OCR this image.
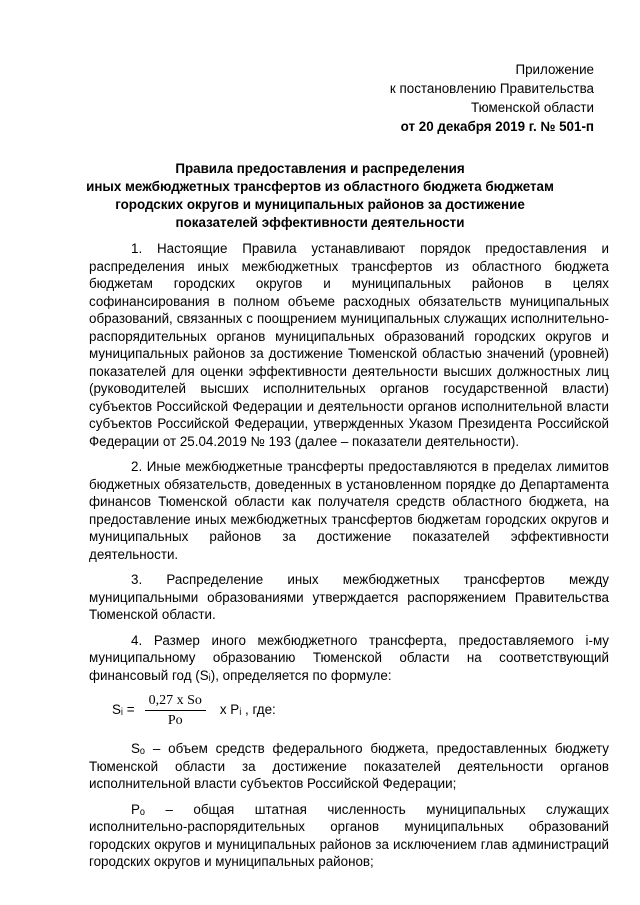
Приложение
к постановлению Правительства
Тюменской области
от 20 декабря 2019 г. № 501-п
Правила предоставления и распределения
иных межбюджетных трансфертов из областного бюджета бюджетам
городских округов и муниципальных районов за достижение
показателей эффективности деятельности

1. Настоящие Правила устанавливают порядок предоставления и распределения иных межбюджетных трансфертов из областного бюджета бюджетам городских округов и муниципальных районов в целях софинансирования в полном объеме расходных обязательств муниципальных образований, связанных с поощрением муниципальных служащих исполнительно-распорядительных органов муниципальных образований городских округов и муниципальных районов за достижение Тюменской областью значений (уровней) показателей для оценки эффективности деятельности высших должностных лиц (руководителей высших исполнительных органов государственной власти) субъектов Российской Федерации и деятельности органов исполнительной власти субъектов Российской Федерации, утвержденных Указом Президента Российской Федерации от 25.04.2019 № 193 (далее – показатели деятельности).

2. Иные межбюджетные трансферты предоставляются в пределах лимитов бюджетных обязательств, доведенных в установленном порядке до Департамента финансов Тюменской области как получателя средств областного бюджета, на предоставление иных межбюджетных трансфертов бюджетам городских округов и муниципальных районов за достижение показателей эффективности деятельности.

3. Распределение иных межбюджетных трансфертов между муниципальными образованиями утверждается распоряжением Правительства Тюменской области.

4. Размер иного межбюджетного трансферта, предоставляемого i-му муниципальному образованию Тюменской области на соответствующий финансовый год (Sᵢ), определяется по формуле:

Sᵢ = $\frac{\text{0,27 x So}}{Po}$ x Pᵢ , где:

Sₒ – объем средств федерального бюджета, предоставленных бюджету Тюменской области за достижение показателей деятельности органов исполнительной власти субъектов Российской Федерации;

Pₒ – общая штатная численность муниципальных служащих исполнительно-распорядительных органов муниципальных образований городских округов и муниципальных районов за исключением глав администраций городских округов и муниципальных районов;
